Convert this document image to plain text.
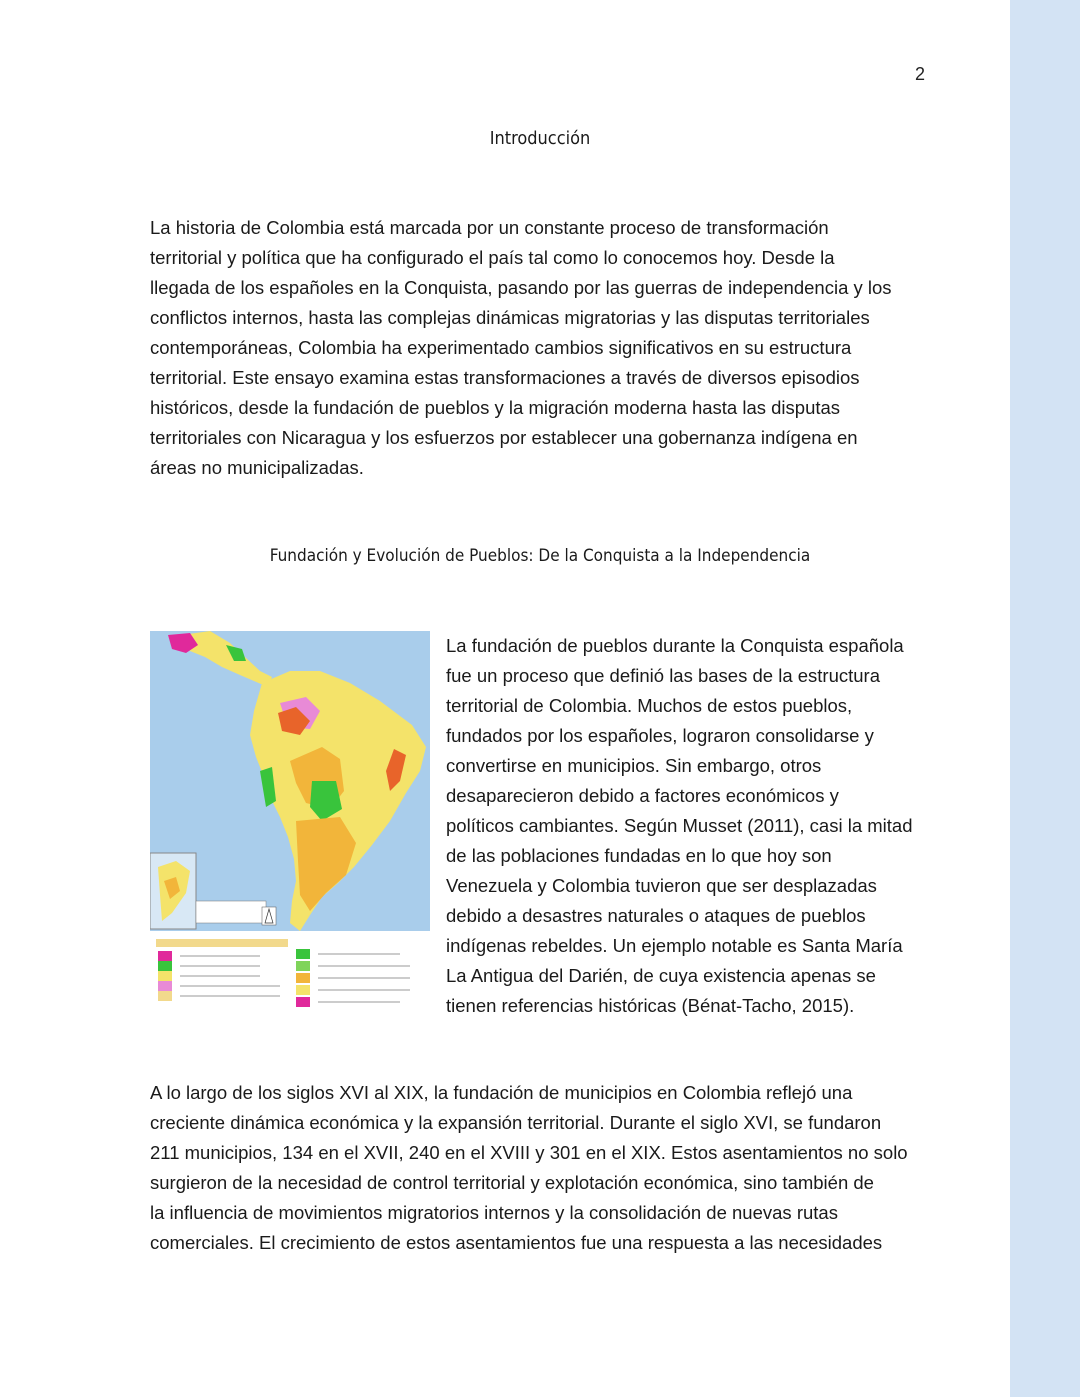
2
Introducción

La historia de Colombia está marcada por un constante proceso de transformación
territorial y política que ha configurado el país tal como lo conocemos hoy. Desde la
llegada de los españoles en la Conquista, pasando por las guerras de independencia y los
conflictos internos, hasta las complejas dinámicas migratorias y las disputas territoriales
contemporáneas, Colombia ha experimentado cambios significativos en su estructura
territorial. Este ensayo examina estas transformaciones a través de diversos episodios
históricos, desde la fundación de pueblos y la migración moderna hasta las disputas
territoriales con Nicaragua y los esfuerzos por establecer una gobernanza indígena en
áreas no municipalizadas.

Fundación y Evolución de Pueblos: De la Conquista a la Independencia

La fundación de pueblos durante la Conquista española
fue un proceso que definió las bases de la estructura
territorial de Colombia. Muchos de estos pueblos,
fundados por los españoles, lograron consolidarse y
convertirse en municipios. Sin embargo, otros
desaparecieron debido a factores económicos y
políticos cambiantes. Según Musset (2011), casi la mitad
de las poblaciones fundadas en lo que hoy son
Venezuela y Colombia tuvieron que ser desplazadas
debido a desastres naturales o ataques de pueblos
indígenas rebeldes. Un ejemplo notable es Santa María
La Antigua del Darién, de cuya existencia apenas se
tienen referencias históricas (Bénat-Tacho, 2015).

A lo largo de los siglos XVI al XIX, la fundación de municipios en Colombia reflejó una
creciente dinámica económica y la expansión territorial. Durante el siglo XVI, se fundaron
211 municipios, 134 en el XVII, 240 en el XVIII y 301 en el XIX. Estos asentamientos no solo
surgieron de la necesidad de control territorial y explotación económica, sino también de
la influencia de movimientos migratorios internos y la consolidación de nuevas rutas
comerciales. El crecimiento de estos asentamientos fue una respuesta a las necesidades
